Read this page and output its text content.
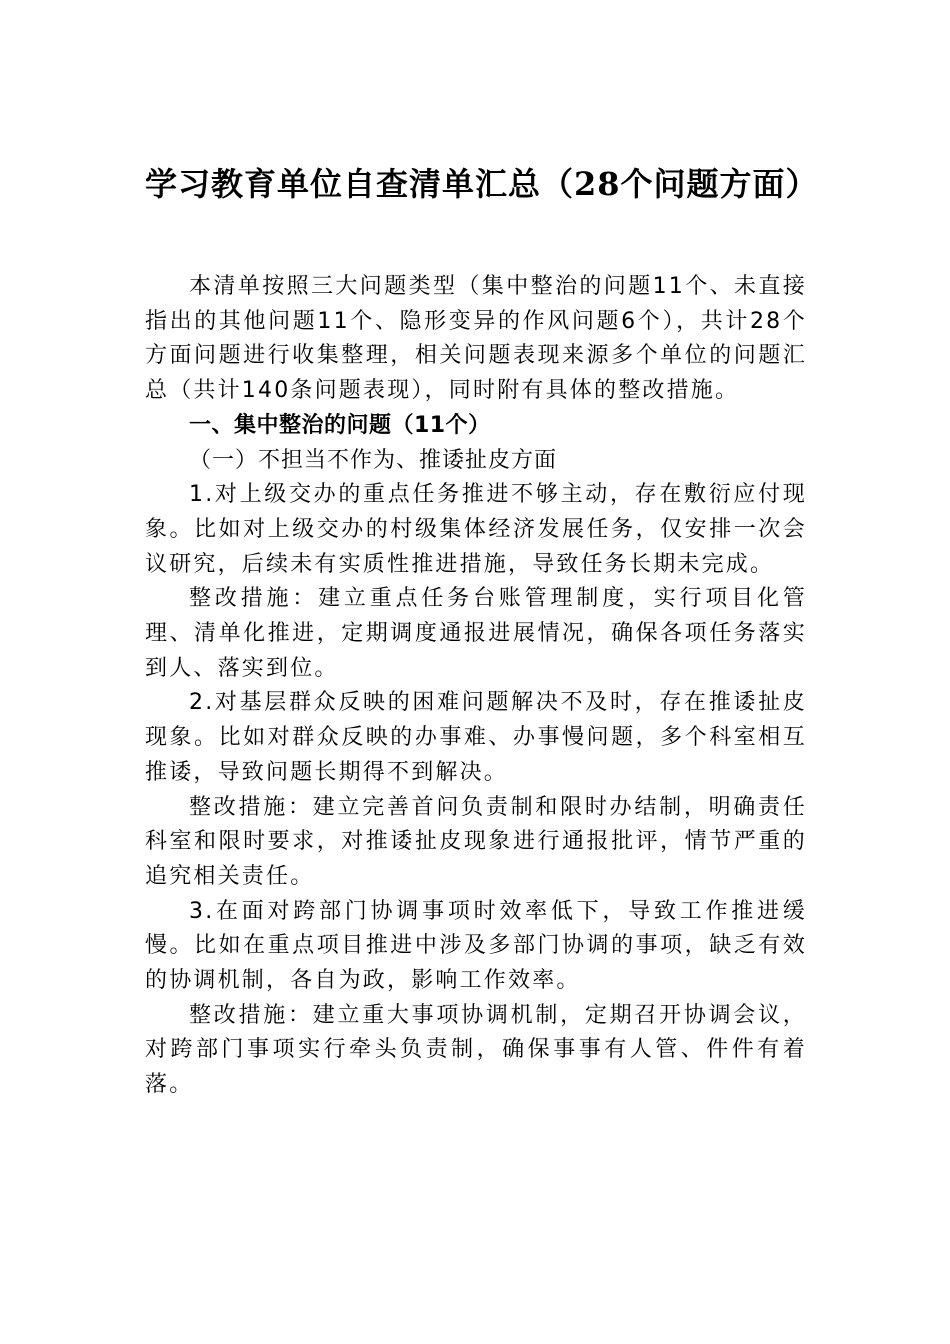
学习教育单位自查清单汇总（28个问题方面）

本清单按照三大问题类型（集中整治的问题11个、未直接指出的其他问题11个、隐形变异的作风问题6个），共计28个方面问题进行收集整理，相关问题表现来源多个单位的问题汇总（共计140条问题表现），同时附有具体的整改措施。

一、集中整治的问题（11个）

（一）不担当不作为、推诿扯皮方面

1.对上级交办的重点任务推进不够主动，存在敷衍应付现象。比如对上级交办的村级集体经济发展任务，仅安排一次会议研究，后续未有实质性推进措施，导致任务长期未完成。

整改措施：建立重点任务台账管理制度，实行项目化管理、清单化推进，定期调度通报进展情况，确保各项任务落实到人、落实到位。

2.对基层群众反映的困难问题解决不及时，存在推诿扯皮现象。比如对群众反映的办事难、办事慢问题，多个科室相互推诿，导致问题长期得不到解决。

整改措施：建立完善首问负责制和限时办结制，明确责任科室和限时要求，对推诿扯皮现象进行通报批评，情节严重的追究相关责任。

3.在面对跨部门协调事项时效率低下，导致工作推进缓慢。比如在重点项目推进中涉及多部门协调的事项，缺乏有效的协调机制，各自为政，影响工作效率。

整改措施：建立重大事项协调机制，定期召开协调会议，对跨部门事项实行牵头负责制，确保事事有人管、件件有着落。
